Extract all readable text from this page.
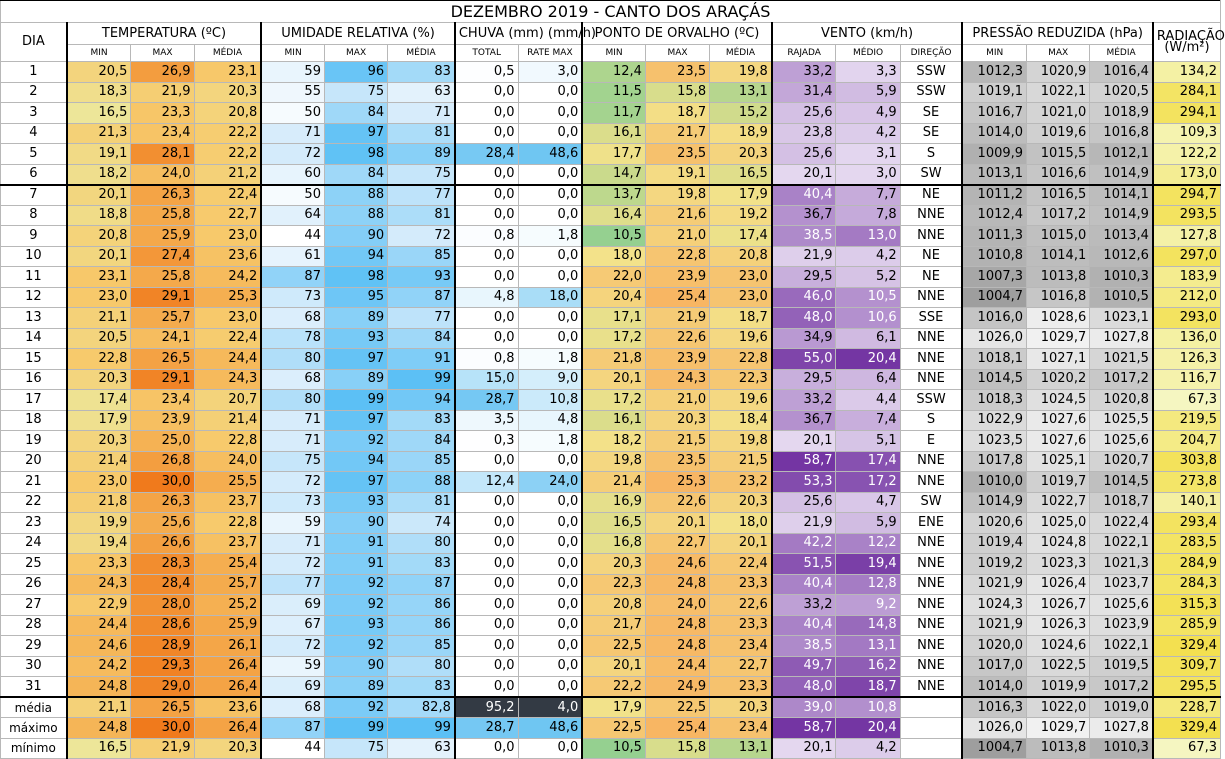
DEZEMBRO 2019 - CANTO DOS ARAÇÁS																		
DIA	TEMPERATURA (ºC)			UMIDADE RELATIVA (%)			CHUVA (mm) (mm/h)		PONTO DE ORVALHO (ºC)			VENTO (km/h)			PRESSÃO REDUZIDA (hPa)			RADIAÇÃO
(W/m²)

	MIN	MAX	MÉDIA	MIN	MAX	MÉDIA	TOTAL	RATE MAX	MIN	MAX	MÉDIA	RAJADA	MÉDIO	DIREÇÃO	MIN	MAX	MÉDIA	
1	20,5	26,9	23,1	59	96	83	0,5	3,0	12,4	23,5	19,8	33,2	3,3	SSW	1012,3	1020,9	1016,4	134,2
2	18,3	21,9	20,3	55	75	63	0,0	0,0	11,5	15,8	13,1	31,4	5,9	SSW	1019,1	1022,1	1020,5	284,1
3	16,5	23,3	20,8	50	84	71	0,0	0,0	11,7	18,7	15,2	25,6	4,9	SE	1016,7	1021,0	1018,9	294,1
4	21,3	23,4	22,2	71	97	81	0,0	0,0	16,1	21,7	18,9	23,8	4,2	SE	1014,0	1019,6	1016,8	109,3
5	19,1	28,1	22,2	72	98	89	28,4	48,6	17,7	23,5	20,3	25,6	3,1	S	1009,9	1015,5	1012,1	122,2
6	18,2	24,0	21,2	60	84	75	0,0	0,0	14,7	19,1	16,5	20,1	3,0	SW	1013,1	1016,6	1014,9	173,0
7	20,1	26,3	22,4	50	88	77	0,0	0,0	13,7	19,8	17,9	40,4	7,7	NE	1011,2	1016,5	1014,1	294,7
8	18,8	25,8	22,7	64	88	81	0,0	0,0	16,4	21,6	19,2	36,7	7,8	NNE	1012,4	1017,2	1014,9	293,5
9	20,8	25,9	23,0	44	90	72	0,8	1,8	10,5	21,0	17,4	38,5	13,0	NNE	1011,3	1015,0	1013,4	127,8
10	20,1	27,4	23,6	61	94	85	0,0	0,0	18,0	22,8	20,8	21,9	4,2	NE	1010,8	1014,1	1012,6	297,0
11	23,1	25,8	24,2	87	98	93	0,0	0,0	22,0	23,9	23,0	29,5	5,2	NE	1007,3	1013,8	1010,3	183,9
12	23,0	29,1	25,3	73	95	87	4,8	18,0	20,4	25,4	23,0	46,0	10,5	NNE	1004,7	1016,8	1010,5	212,0
13	21,1	25,7	23,0	68	89	77	0,0	0,0	17,1	21,9	18,7	48,0	10,6	SSE	1016,0	1028,6	1023,1	293,0
14	20,5	24,1	22,4	78	93	84	0,0	0,0	17,2	22,6	19,6	34,9	6,1	NNE	1026,0	1029,7	1027,8	136,0
15	22,8	26,5	24,4	80	97	91	0,8	1,8	21,8	23,9	22,8	55,0	20,4	NNE	1018,1	1027,1	1021,5	126,3
16	20,3	29,1	24,3	68	89	99	15,0	9,0	20,1	24,3	22,3	29,5	6,4	NNE	1014,5	1020,2	1017,2	116,7
17	17,4	23,4	20,7	80	99	94	28,7	10,8	17,2	21,0	19,6	33,2	4,4	SSW	1018,3	1024,5	1020,8	67,3
18	17,9	23,9	21,4	71	97	83	3,5	4,8	16,1	20,3	18,4	36,7	7,4	S	1022,9	1027,6	1025,5	219,5
19	20,3	25,0	22,8	71	92	84	0,3	1,8	18,2	21,5	19,8	20,1	5,1	E	1023,5	1027,6	1025,6	204,7
20	21,4	26,8	24,0	75	94	85	0,0	0,0	19,8	23,5	21,5	58,7	17,4	NNE	1017,8	1025,1	1020,7	303,8
21	23,0	30,0	25,5	72	97	88	12,4	24,0	21,4	25,3	23,2	53,3	17,2	NNE	1010,0	1019,7	1014,5	273,8
22	21,8	26,3	23,7	73	93	81	0,0	0,0	16,9	22,6	20,3	25,6	4,7	SW	1014,9	1022,7	1018,7	140,1
23	19,9	25,6	22,8	59	90	74	0,0	0,0	16,5	20,1	18,0	21,9	5,9	ENE	1020,6	1025,0	1022,4	293,4
24	19,4	26,6	23,7	71	91	80	0,0	0,0	16,8	22,7	20,1	42,2	12,2	NNE	1019,4	1024,8	1022,1	283,5
25	23,3	28,3	25,4	72	91	83	0,0	0,0	20,3	24,6	22,4	51,5	19,4	NNE	1019,2	1023,3	1021,3	284,9
26	24,3	28,4	25,7	77	92	87	0,0	0,0	22,3	24,8	23,3	40,4	12,8	NNE	1021,9	1026,4	1023,7	284,3
27	22,9	28,0	25,2	69	92	86	0,0	0,0	20,8	24,0	22,6	33,2	9,2	NNE	1024,3	1026,7	1025,6	315,3
28	24,4	28,6	25,9	67	93	86	0,0	0,0	21,7	24,8	23,3	40,4	14,8	NNE	1021,9	1026,3	1023,9	285,9
29	24,6	28,9	26,1	72	92	85	0,0	0,0	22,5	24,8	23,4	38,5	13,1	NNE	1020,0	1024,6	1022,1	329,4
30	24,2	29,3	26,4	59	90	80	0,0	0,0	20,1	24,4	22,7	49,7	16,2	NNE	1017,0	1022,5	1019,5	309,7
31	24,8	29,0	26,4	69	89	83	0,0	0,0	22,2	24,9	23,3	48,0	18,7	NNE	1014,0	1019,9	1017,2	295,5
média	21,1	26,5	23,6	68	92	82,8	95,2	4,0	17,9	22,5	20,3	39,0	10,8		1016,3	1022,0	1019,0	228,7
máximo	24,8	30,0	26,4	87	99	99	28,7	48,6	22,5	25,4	23,4	58,7	20,4		1026,0	1029,7	1027,8	329,4
mínimo	16,5	21,9	20,3	44	75	63	0,0	0,0	10,5	15,8	13,1	20,1	4,2		1004,7	1013,8	1010,3	67,3
